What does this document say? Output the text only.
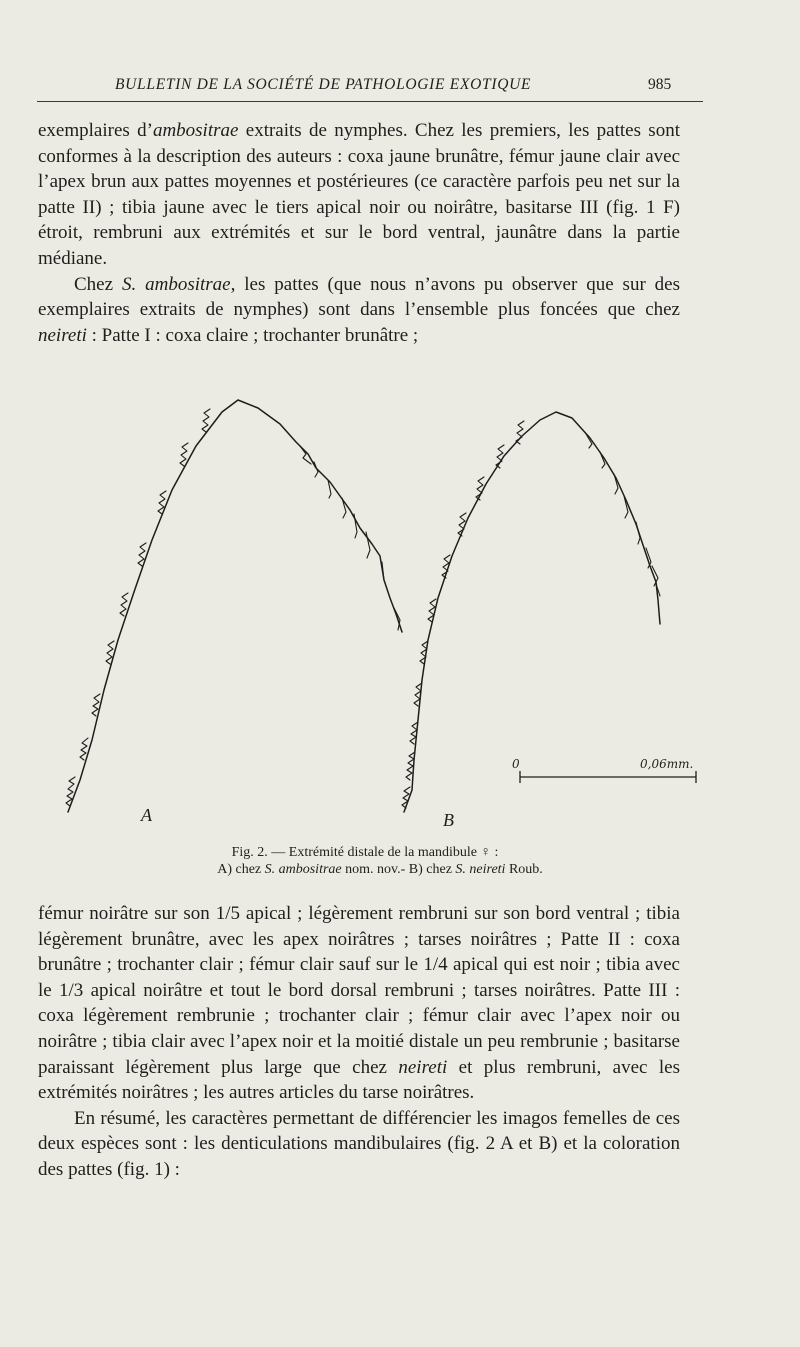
BULLETIN DE LA SOCIÉTÉ DE PATHOLOGIE EXOTIQUE	985

exemplaires d’ambositrae extraits de nymphes. Chez les premiers, les pattes sont conformes à la description des auteurs : coxa jaune brunâtre, fémur jaune clair avec l’apex brun aux pattes moyennes et postérieures (ce caractère parfois peu net sur la patte II) ; tibia jaune avec le tiers apical noir ou noirâtre, basitarse III (fig. 1 F) étroit, rembruni aux extrémités et sur le bord ventral, jaunâtre dans la partie médiane.

Chez S. ambositrae, les pattes (que nous n’avons pu observer que sur des exemplaires extraits de nymphes) sont dans l’ensemble plus foncées que chez neireti : Patte I : coxa claire ; trochanter brunâtre ;

A	B
0	0,06mm.
Fig. 2. — Extrémité distale de la mandibule ♀ :
A) chez S. ambositrae nom. nov.- B) chez S. neireti Roub.

fémur noirâtre sur son 1/5 apical ; légèrement rembruni sur son bord ventral ; tibia légèrement brunâtre, avec les apex noirâtres ; tarses noirâtres ; Patte II : coxa brunâtre ; trochanter clair ; fémur clair sauf sur le 1/4 apical qui est noir ; tibia avec le 1/3 apical noirâtre et tout le bord dorsal rembruni ; tarses noirâtres. Patte III : coxa légèrement rembrunie ; trochanter clair ; fémur clair avec l’apex noir ou noirâtre ; tibia clair avec l’apex noir et la moitié distale un peu rembrunie ; basitarse paraissant légèrement plus large que chez neireti et plus rembruni, avec les extrémités noirâtres ; les autres articles du tarse noirâtres.

En résumé, les caractères permettant de différencier les imagos femelles de ces deux espèces sont : les denticulations mandibulaires (fig. 2 A et B) et la coloration des pattes (fig. 1) :
